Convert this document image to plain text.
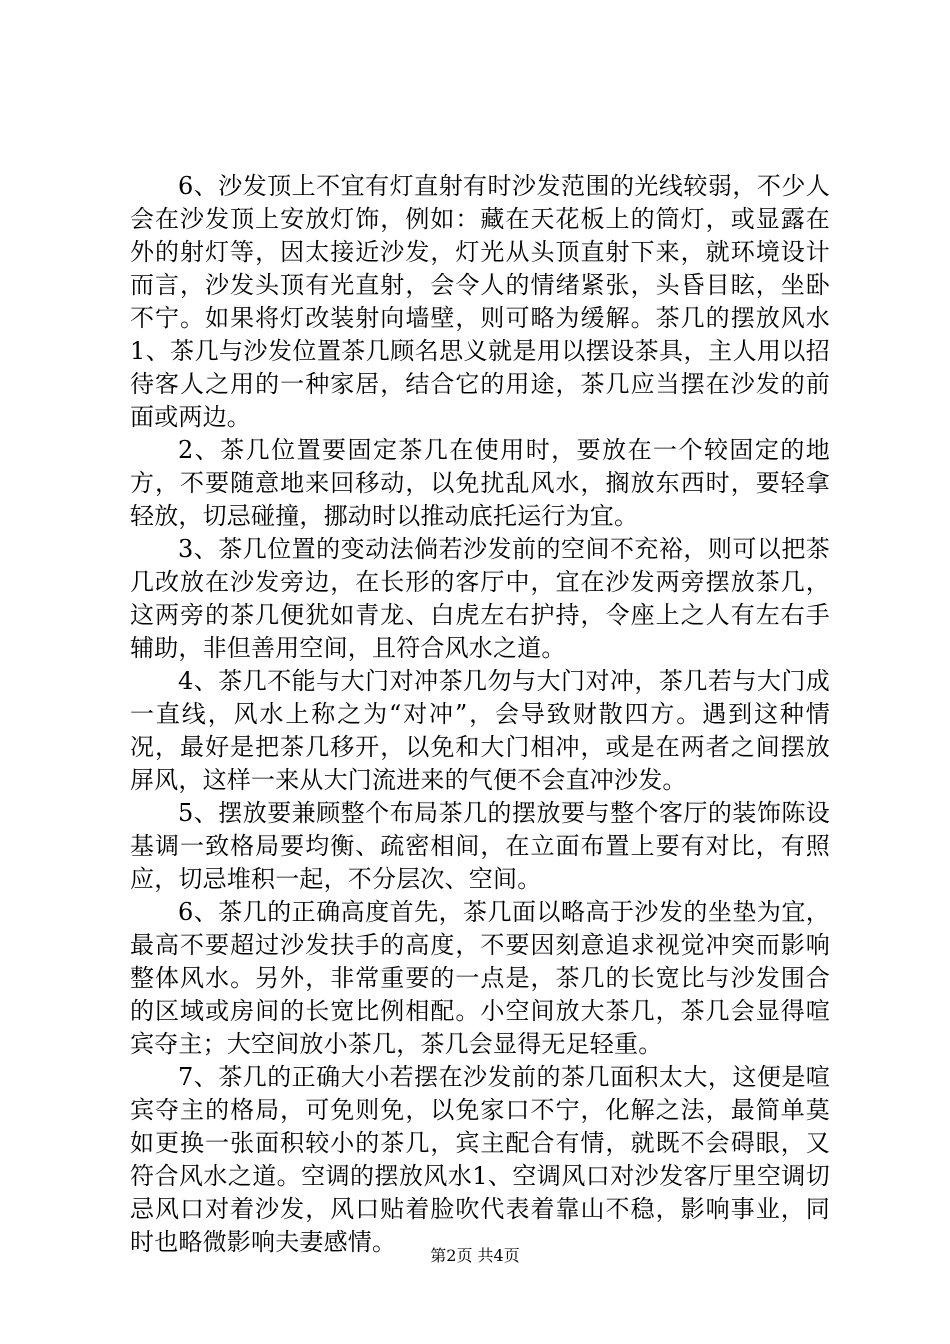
6、沙发顶上不宜有灯直射有时沙发范围的光线较弱，不少人会在沙发顶上安放灯饰，例如：藏在天花板上的筒灯，或显露在外的射灯等，因太接近沙发，灯光从头顶直射下来，就环境设计而言，沙发头顶有光直射，会令人的情绪紧张，头昏目眩，坐卧不宁。如果将灯改装射向墙壁，则可略为缓解。茶几的摆放风水1、茶几与沙发位置茶几顾名思义就是用以摆设茶具，主人用以招待客人之用的一种家居，结合它的用途，茶几应当摆在沙发的前面或两边。

2、茶几位置要固定茶几在使用时，要放在一个较固定的地方，不要随意地来回移动，以免扰乱风水，搁放东西时，要轻拿轻放，切忌碰撞，挪动时以推动底托运行为宜。

3、茶几位置的变动法倘若沙发前的空间不充裕，则可以把茶几改放在沙发旁边，在长形的客厅中，宜在沙发两旁摆放茶几，这两旁的茶几便犹如青龙、白虎左右护持，令座上之人有左右手辅助，非但善用空间，且符合风水之道。

4、茶几不能与大门对冲茶几勿与大门对冲，茶几若与大门成一直线，风水上称之为“对冲”，会导致财散四方。遇到这种情况，最好是把茶几移开，以免和大门相冲，或是在两者之间摆放屏风，这样一来从大门流进来的气便不会直冲沙发。

5、摆放要兼顾整个布局茶几的摆放要与整个客厅的装饰陈设基调一致格局要均衡、疏密相间，在立面布置上要有对比，有照应，切忌堆积一起，不分层次、空间。

6、茶几的正确高度首先，茶几面以略高于沙发的坐垫为宜，最高不要超过沙发扶手的高度，不要因刻意追求视觉冲突而影响整体风水。另外，非常重要的一点是，茶几的长宽比与沙发围合的区域或房间的长宽比例相配。小空间放大茶几，茶几会显得喧宾夺主；大空间放小茶几，茶几会显得无足轻重。

7、茶几的正确大小若摆在沙发前的茶几面积太大，这便是喧宾夺主的格局，可免则免，以免家口不宁，化解之法，最简单莫如更换一张面积较小的茶几，宾主配合有情，就既不会碍眼，又符合风水之道。空调的摆放风水1、空调风口对沙发客厅里空调切忌风口对着沙发，风口贴着脸吹代表着靠山不稳，影响事业，同时也略微影响夫妻感情。	第2页 共4页
